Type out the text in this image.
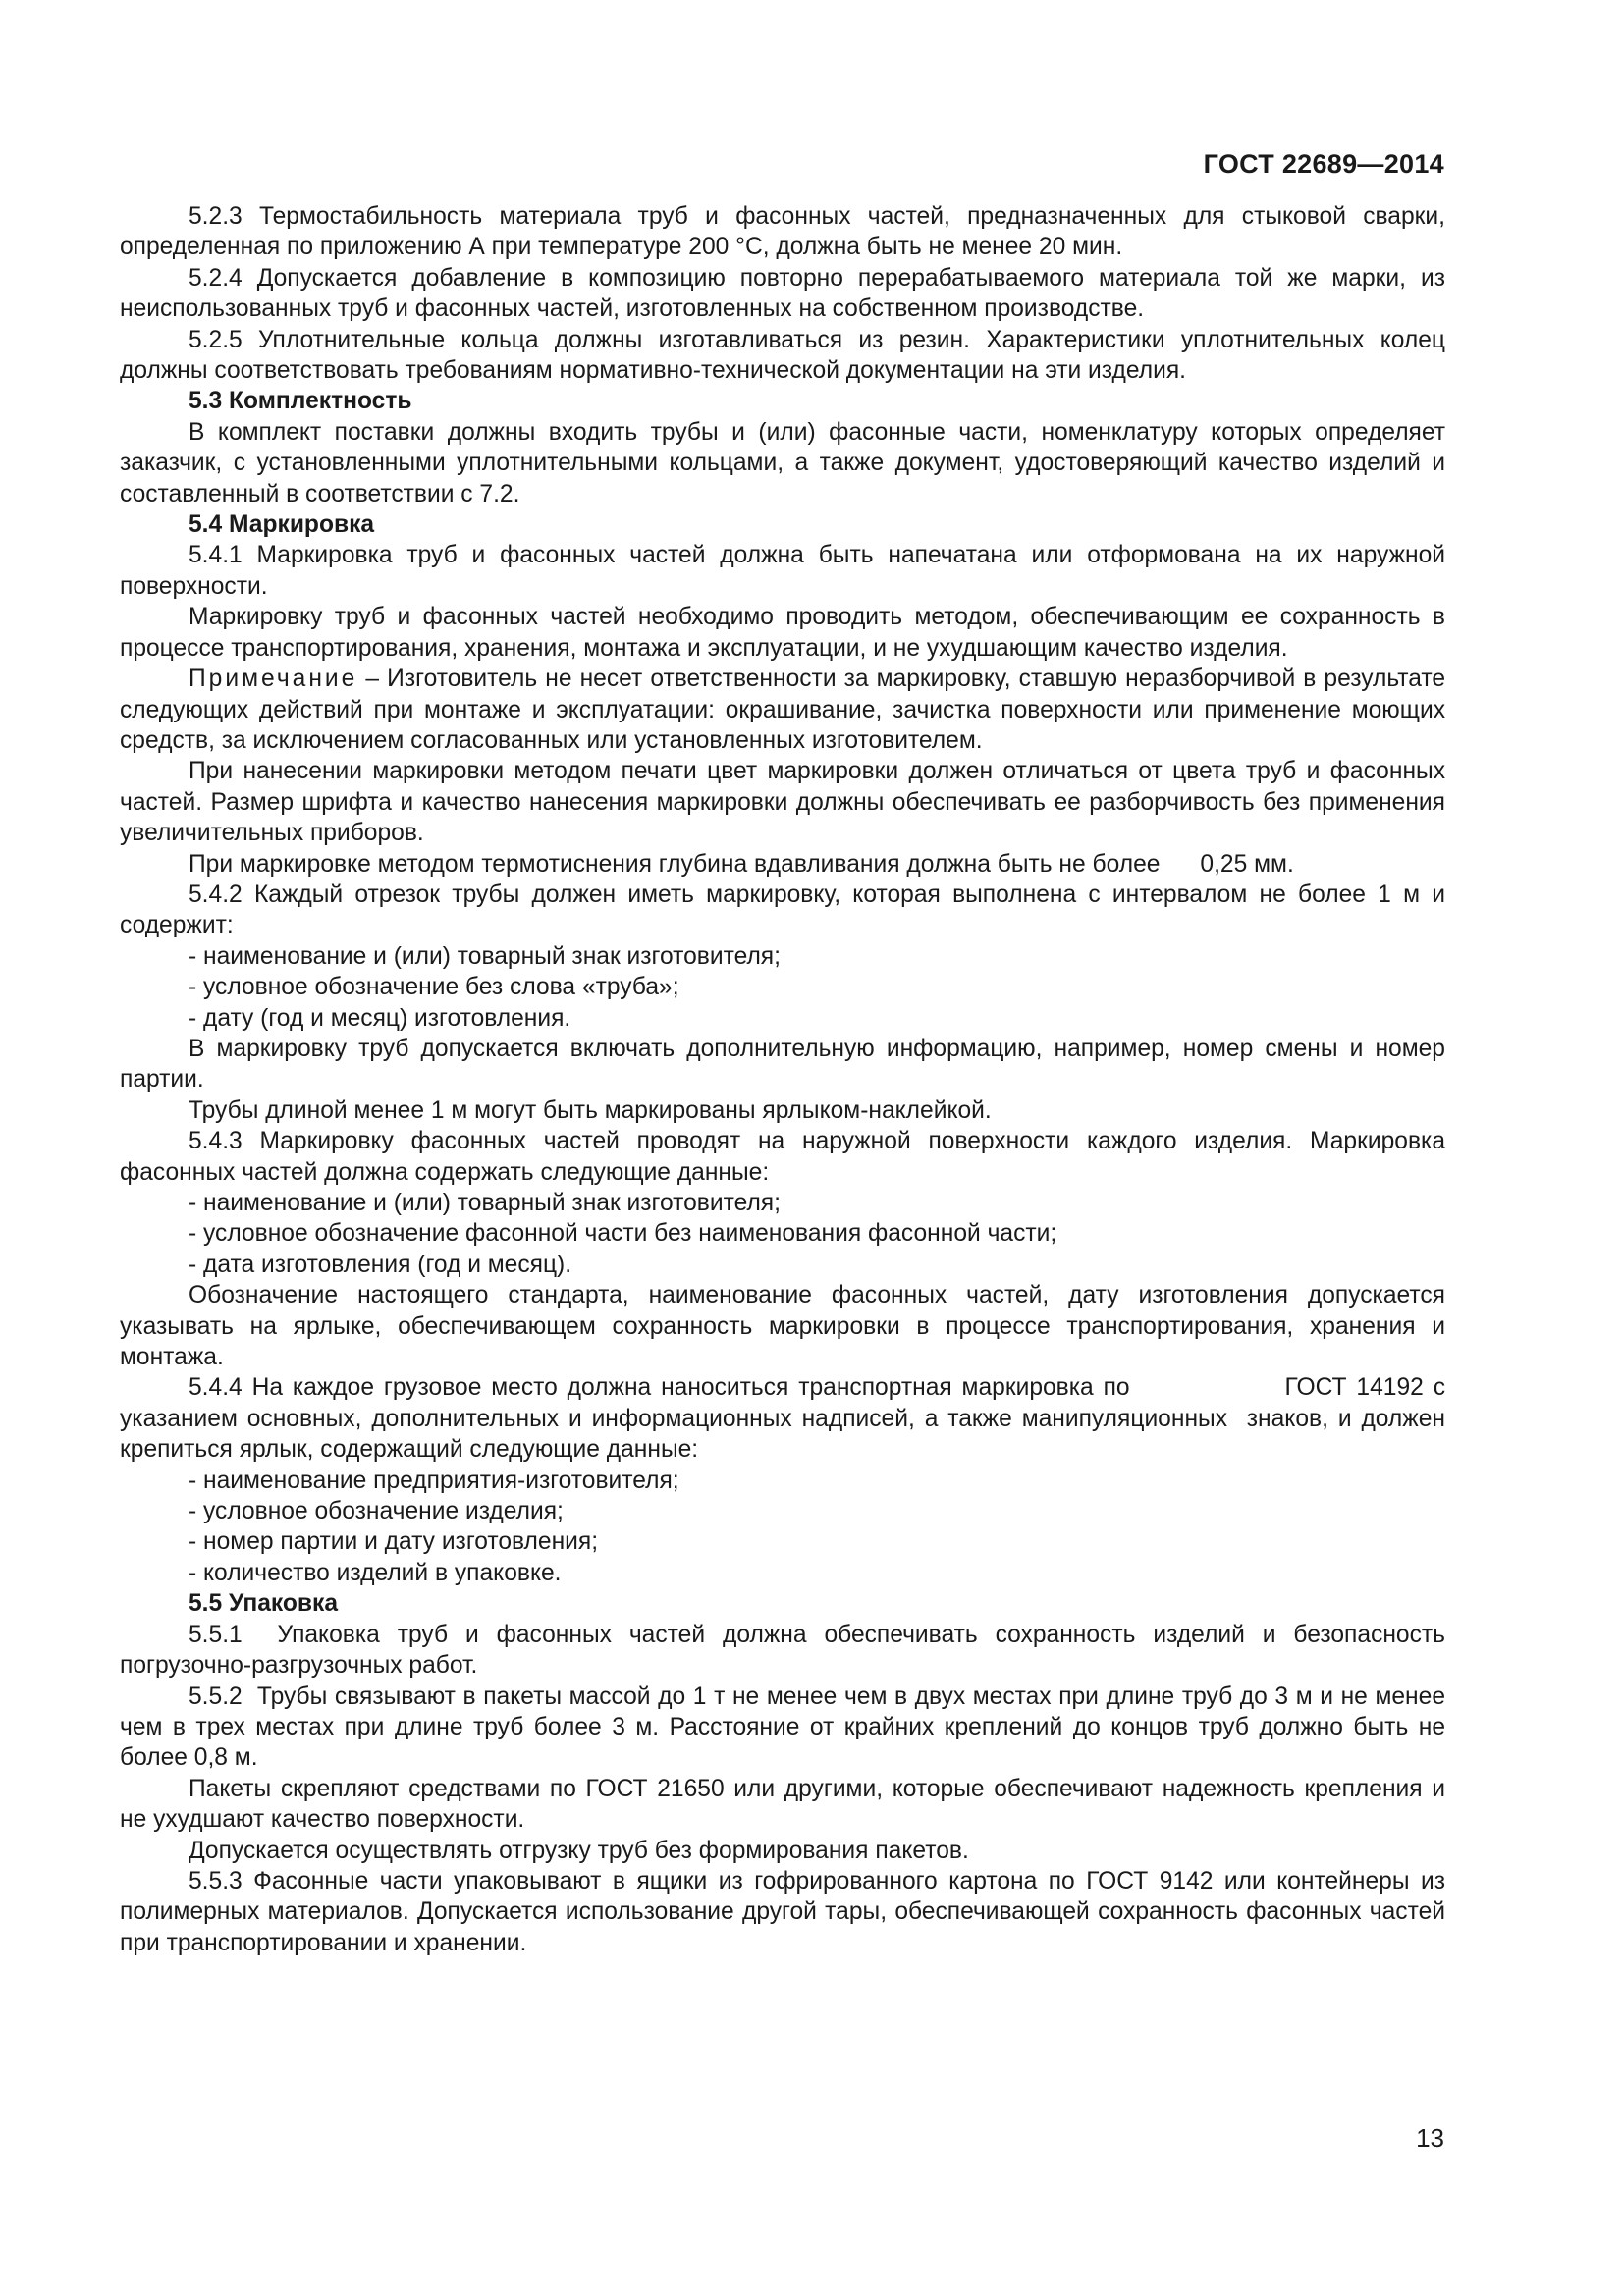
ГОСТ 22689—2014

5.2.3 Термостабильность материала труб и фасонных частей, предназначенных для стыковой сварки, определенная по приложению А при температуре 200 °С, должна быть не менее 20 мин.

5.2.4 Допускается добавление в композицию повторно перерабатываемого материала той же марки, из неиспользованных труб и фасонных частей, изготовленных на собственном производстве.

5.2.5 Уплотнительные кольца должны изготавливаться из резин. Характеристики уплотнительных колец должны соответствовать требованиям нормативно-технической документации на эти изделия.

5.3 Комплектность

В комплект поставки должны входить трубы и (или) фасонные части, номенклатуру которых определяет заказчик, с установленными уплотнительными кольцами, а также документ, удостоверяющий качество изделий и составленный в соответствии с 7.2.

5.4 Маркировка

5.4.1 Маркировка труб и фасонных частей должна быть напечатана или отформована на их наружной поверхности.

Маркировку труб и фасонных частей необходимо проводить методом, обеспечивающим ее сохранность в процессе транспортирования, хранения, монтажа и эксплуатации, и не ухудшающим качество изделия.

Примечание – Изготовитель не несет ответственности за маркировку, ставшую неразборчивой в результате следующих действий при монтаже и эксплуатации: окрашивание, зачистка поверхности или применение моющих средств, за исключением согласованных или установленных изготовителем.

При нанесении маркировки методом печати цвет маркировки должен отличаться от цвета труб и фасонных частей. Размер шрифта и качество нанесения маркировки должны обеспечивать ее разборчивость без применения увеличительных приборов.

При маркировке методом термотиснения глубина вдавливания должна быть не более      0,25 мм.

5.4.2 Каждый отрезок трубы должен иметь маркировку, которая выполнена с интервалом не более 1 м и содержит:

- наименование и (или) товарный знак изготовителя;

- условное обозначение без слова «труба»;

- дату (год и месяц) изготовления.

В маркировку труб допускается включать дополнительную информацию, например, номер смены и номер партии.

Трубы длиной менее 1 м могут быть маркированы ярлыком-наклейкой.

5.4.3 Маркировку фасонных частей проводят на наружной поверхности каждого изделия. Маркировка фасонных частей должна содержать следующие данные:

- наименование и (или) товарный знак изготовителя;

- условное обозначение фасонной части без наименования фасонной части;

- дата изготовления (год и месяц).

Обозначение настоящего стандарта, наименование фасонных частей, дату изготовления допускается указывать на ярлыке, обеспечивающем сохранность маркировки в процессе транспортирования, хранения и монтажа.

5.4.4 На каждое грузовое место должна наноситься транспортная маркировка по                ГОСТ 14192 с указанием основных, дополнительных и информационных надписей, а также манипуляционных  знаков, и должен крепиться ярлык, содержащий следующие данные:

- наименование предприятия-изготовителя;

- условное обозначение изделия;

- номер партии и дату изготовления;

- количество изделий в упаковке.

5.5 Упаковка

5.5.1  Упаковка труб и фасонных частей должна обеспечивать сохранность изделий и безопасность погрузочно-разгрузочных работ.

5.5.2  Трубы связывают в пакеты массой до 1 т не менее чем в двух местах при длине труб до 3 м и не менее чем в трех местах при длине труб более 3 м. Расстояние от крайних креплений до концов труб должно быть не более 0,8 м.

Пакеты скрепляют средствами по ГОСТ 21650 или другими, которые обеспечивают надежность крепления и не ухудшают качество поверхности.

Допускается осуществлять отгрузку труб без формирования пакетов.

5.5.3 Фасонные части упаковывают в ящики из гофрированного картона по ГОСТ 9142 или контейнеры из полимерных материалов. Допускается использование другой тары, обеспечивающей сохранность фасонных частей при транспортировании и хранении.

13
